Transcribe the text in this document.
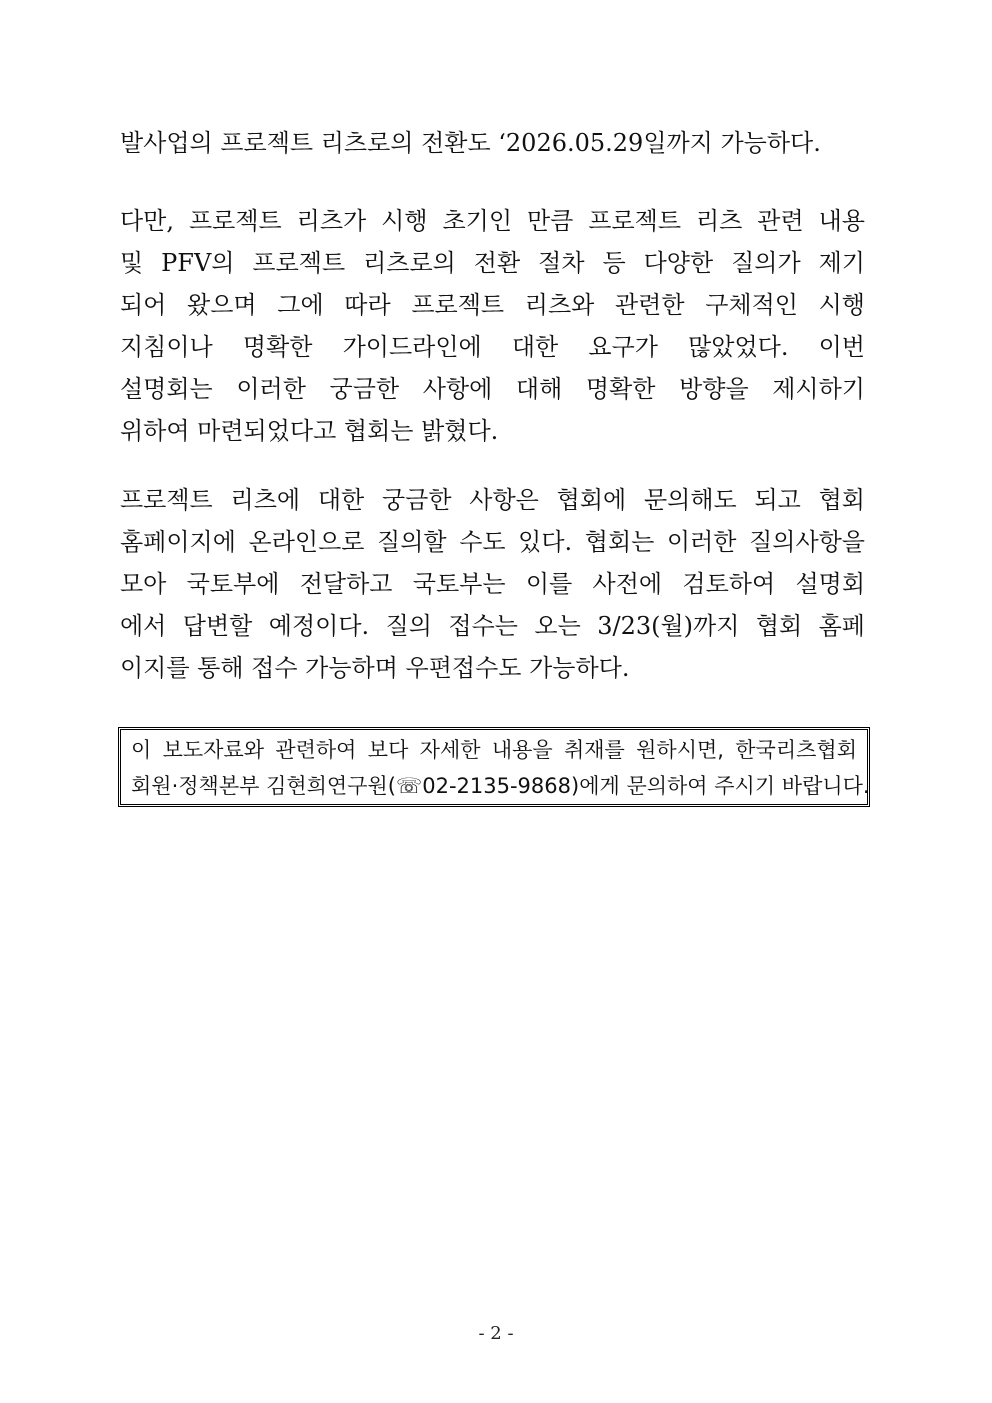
발사업의 프로젝트 리츠로의 전환도 ‘2026.05.29일까지 가능하다.
다만, 프로젝트 리츠가 시행 초기인 만큼 프로젝트 리츠 관련 내용
및 PFV의 프로젝트 리츠로의 전환 절차 등 다양한 질의가 제기
되어 왔으며 그에 따라 프로젝트 리츠와 관련한 구체적인 시행
지침이나 명확한 가이드라인에 대한 요구가 많았었다. 이번
설명회는 이러한 궁금한 사항에 대해 명확한 방향을 제시하기
위하여 마련되었다고 협회는 밝혔다.
프로젝트 리츠에 대한 궁금한 사항은 협회에 문의해도 되고 협회
홈페이지에 온라인으로 질의할 수도 있다. 협회는 이러한 질의사항을
모아 국토부에 전달하고 국토부는 이를 사전에 검토하여 설명회
에서 답변할 예정이다. 질의 접수는 오는 3/23(월)까지 협회 홈페
이지를 통해 접수 가능하며 우편접수도 가능하다.
이 보도자료와 관련하여 보다 자세한 내용을 취재를 원하시면, 한국리츠협회
회원·정책본부 김현희연구원(☏02-2135-9868)에게 문의하여 주시기 바랍니다.
- 2 -
